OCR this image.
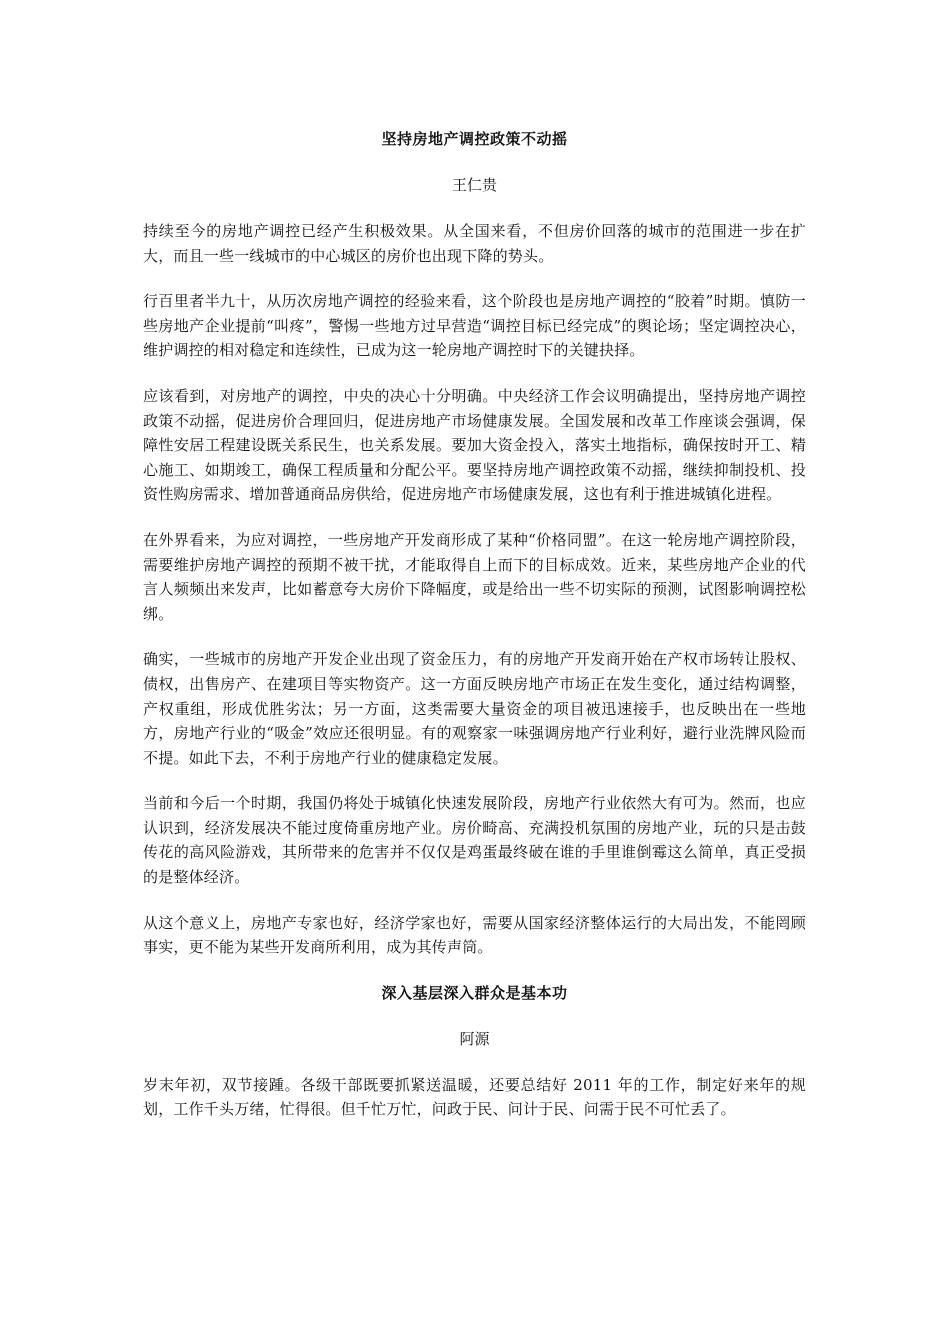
坚持房地产调控政策不动摇
王仁贵

持续至今的房地产调控已经产生积极效果。从全国来看，不但房价回落的城市的范围进一步在扩大，而且一些一线城市的中心城区的房价也出现下降的势头。

行百里者半九十，从历次房地产调控的经验来看，这个阶段也是房地产调控的“胶着”时期。慎防一些房地产企业提前“叫疼”，警惕一些地方过早营造“调控目标已经完成”的舆论场；坚定调控决心，维护调控的相对稳定和连续性，已成为这一轮房地产调控时下的关键抉择。

应该看到，对房地产的调控，中央的决心十分明确。中央经济工作会议明确提出，坚持房地产调控政策不动摇，促进房价合理回归，促进房地产市场健康发展。全国发展和改革工作座谈会强调，保障性安居工程建设既关系民生，也关系发展。要加大资金投入，落实土地指标，确保按时开工、精心施工、如期竣工，确保工程质量和分配公平。要坚持房地产调控政策不动摇，继续抑制投机、投资性购房需求、增加普通商品房供给，促进房地产市场健康发展，这也有利于推进城镇化进程。

在外界看来，为应对调控，一些房地产开发商形成了某种“价格同盟”。在这一轮房地产调控阶段，需要维护房地产调控的预期不被干扰，才能取得自上而下的目标成效。近来，某些房地产企业的代言人频频出来发声，比如蓄意夸大房价下降幅度，或是给出一些不切实际的预测，试图影响调控松绑。

确实，一些城市的房地产开发企业出现了资金压力，有的房地产开发商开始在产权市场转让股权、债权，出售房产、在建项目等实物资产。这一方面反映房地产市场正在发生变化，通过结构调整，产权重组，形成优胜劣汰；另一方面，这类需要大量资金的项目被迅速接手，也反映出在一些地方，房地产行业的“吸金”效应还很明显。有的观察家一味强调房地产行业利好，避行业洗牌风险而不提。如此下去，不利于房地产行业的健康稳定发展。

当前和今后一个时期，我国仍将处于城镇化快速发展阶段，房地产行业依然大有可为。然而，也应认识到，经济发展决不能过度倚重房地产业。房价畸高、充满投机氛围的房地产业，玩的只是击鼓传花的高风险游戏，其所带来的危害并不仅仅是鸡蛋最终破在谁的手里谁倒霉这么简单，真正受损的是整体经济。

从这个意义上，房地产专家也好，经济学家也好，需要从国家经济整体运行的大局出发，不能罔顾事实，更不能为某些开发商所利用，成为其传声筒。

深入基层深入群众是基本功
阿源

岁末年初，双节接踵。各级干部既要抓紧送温暖，还要总结好 2011 年的工作，制定好来年的规划，工作千头万绪，忙得很。但千忙万忙，问政于民、问计于民、问需于民不可忙丢了。
